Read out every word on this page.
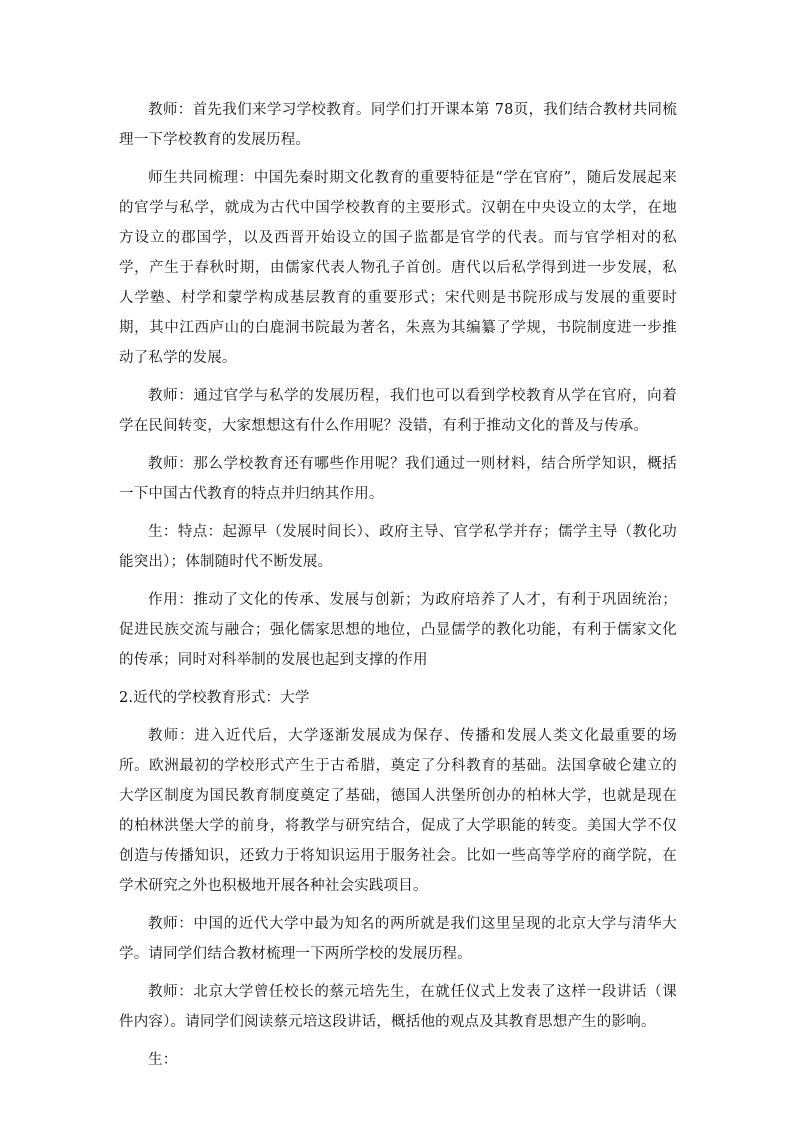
教师：首先我们来学习学校教育。同学们打开课本第 78页，我们结合教材共同梳理一下学校教育的发展历程。

师生共同梳理：中国先秦时期文化教育的重要特征是“学在官府”，随后发展起来的官学与私学，就成为古代中国学校教育的主要形式。汉朝在中央设立的太学，在地方设立的郡国学，以及西晋开始设立的国子监都是官学的代表。而与官学相对的私学，产生于春秋时期，由儒家代表人物孔子首创。唐代以后私学得到进一步发展，私人学塾、村学和蒙学构成基层教育的重要形式；宋代则是书院形成与发展的重要时期，其中江西庐山的白鹿洞书院最为著名，朱熹为其编纂了学规，书院制度进一步推动了私学的发展。

教师：通过官学与私学的发展历程，我们也可以看到学校教育从学在官府，向着学在民间转变，大家想想这有什么作用呢？没错，有利于推动文化的普及与传承。

教师：那么学校教育还有哪些作用呢？我们通过一则材料，结合所学知识，概括一下中国古代教育的特点并归纳其作用。

生：特点：起源早（发展时间长）、政府主导、官学私学并存；儒学主导（教化功能突出）；体制随时代不断发展。

作用：推动了文化的传承、发展与创新；为政府培养了人才，有利于巩固统治；促进民族交流与融合；强化儒家思想的地位，凸显儒学的教化功能，有利于儒家文化的传承；同时对科举制的发展也起到支撑的作用

2.近代的学校教育形式：大学

教师：进入近代后，大学逐渐发展成为保存、传播和发展人类文化最重要的场所。欧洲最初的学校形式产生于古希腊，奠定了分科教育的基础。法国拿破仑建立的大学区制度为国民教育制度奠定了基础，德国人洪堡所创办的柏林大学，也就是现在的柏林洪堡大学的前身，将教学与研究结合，促成了大学职能的转变。美国大学不仅创造与传播知识，还致力于将知识运用于服务社会。比如一些高等学府的商学院，在学术研究之外也积极地开展各种社会实践项目。

教师：中国的近代大学中最为知名的两所就是我们这里呈现的北京大学与清华大学。请同学们结合教材梳理一下两所学校的发展历程。

教师：北京大学曾任校长的蔡元培先生，在就任仪式上发表了这样一段讲话（课件内容）。请同学们阅读蔡元培这段讲话，概括他的观点及其教育思想产生的影响。

生：
